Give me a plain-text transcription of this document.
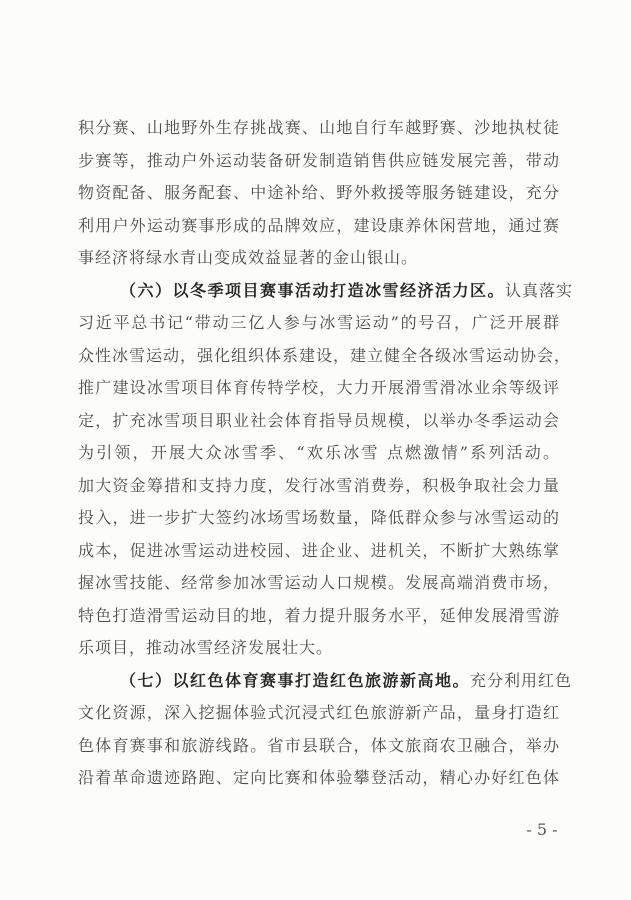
积分赛、山地野外生存挑战赛、山地自行车越野赛、沙地执杖徒
步赛等，推动户外运动装备研发制造销售供应链发展完善，带动
物资配备、服务配套、中途补给、野外救援等服务链建设，充分
利用户外运动赛事形成的品牌效应，建设康养休闲营地，通过赛
事经济将绿水青山变成效益显著的金山银山。
（六）以冬季项目赛事活动打造冰雪经济活力区。认真落实
习近平总书记“带动三亿人参与冰雪运动”的号召，广泛开展群
众性冰雪运动，强化组织体系建设，建立健全各级冰雪运动协会，
推广建设冰雪项目体育传特学校，大力开展滑雪滑冰业余等级评
定，扩充冰雪项目职业社会体育指导员规模，以举办冬季运动会
为引领，开展大众冰雪季、“欢乐冰雪 点燃激情”系列活动。
加大资金筹措和支持力度，发行冰雪消费券，积极争取社会力量
投入，进一步扩大签约冰场雪场数量，降低群众参与冰雪运动的
成本，促进冰雪运动进校园、进企业、进机关，不断扩大熟练掌
握冰雪技能、经常参加冰雪运动人口规模。发展高端消费市场，
特色打造滑雪运动目的地，着力提升服务水平，延伸发展滑雪游
乐项目，推动冰雪经济发展壮大。
（七）以红色体育赛事打造红色旅游新高地。充分利用红色
文化资源，深入挖掘体验式沉浸式红色旅游新产品，量身打造红
色体育赛事和旅游线路。省市县联合，体文旅商农卫融合，举办
沿着革命遗迹路跑、定向比赛和体验攀登活动，精心办好红色体
- 5 -
